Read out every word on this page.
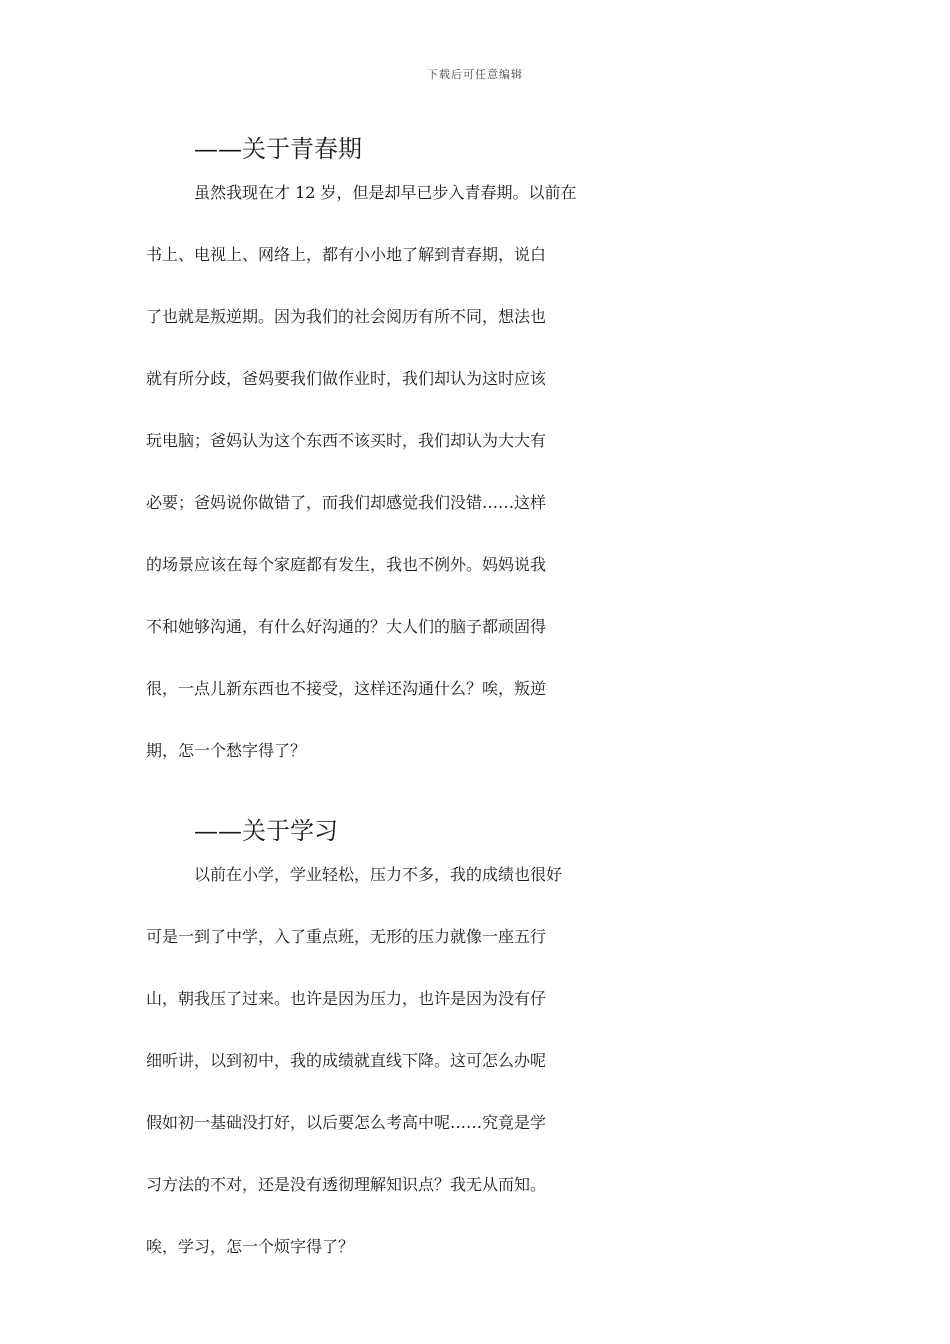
下载后可任意编辑
——关于青春期
虽然我现在才 12 岁，但是却早已步入青春期。以前在
书上、电视上、网络上，都有小小地了解到青春期，说白
了也就是叛逆期。因为我们的社会阅历有所不同，想法也
就有所分歧，爸妈要我们做作业时，我们却认为这时应该
玩电脑；爸妈认为这个东西不该买时，我们却认为大大有
必要；爸妈说你做错了，而我们却感觉我们没错……这样
的场景应该在每个家庭都有发生，我也不例外。妈妈说我
不和她够沟通，有什么好沟通的？大人们的脑子都顽固得
很，一点儿新东西也不接受，这样还沟通什么？唉，叛逆
期，怎一个愁字得了？
——关于学习
以前在小学，学业轻松，压力不多，我的成绩也很好
可是一到了中学，入了重点班，无形的压力就像一座五行
山，朝我压了过来。也许是因为压力，也许是因为没有仔
细听讲，以到初中，我的成绩就直线下降。这可怎么办呢
假如初一基础没打好，以后要怎么考高中呢……究竟是学
习方法的不对，还是没有透彻理解知识点？我无从而知。
唉，学习，怎一个烦字得了？
